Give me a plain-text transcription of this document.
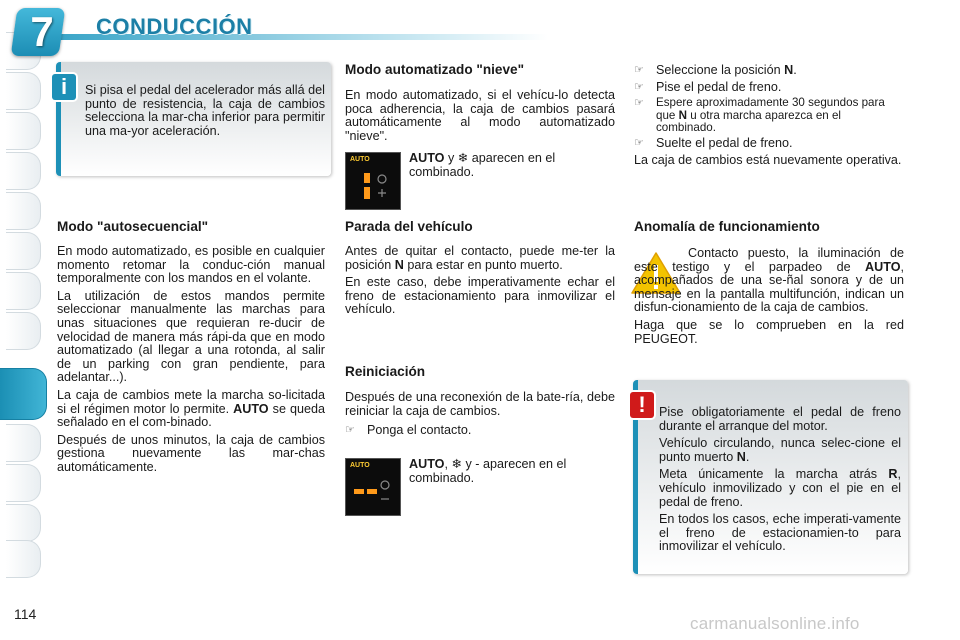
7	CONDUCCIÓN
Si pisa el pedal del acelerador más allá del punto de resistencia, la caja de cambios selecciona la mar-cha inferior para permitir una ma-yor aceleración.
i
Modo "autosecuencial"

En modo automatizado, es posible en cualquier momento retomar la conduc-ción manual temporalmente con los mandos en el volante.

La utilización de estos mandos permite seleccionar manualmente las marchas para unas situaciones que requieran re-ducir de velocidad de manera más rápi-da que en modo automatizado (al llegar a una rotonda, al salir de un parking con gran pendiente, para adelantar...).

La caja de cambios mete la marcha so-licitada si el régimen motor lo permite. AUTO se queda señalado en el com-binado.

Después de unos minutos, la caja de cambios gestiona nuevamente las mar-chas automáticamente.

Modo automatizado "nieve"
En modo automatizado, si el vehícu-lo detecta poca adherencia, la caja de cambios pasará automáticamente al modo automatizado "nieve".
AUTO	AUTO y ❄ aparecen en el combinado.
Parada del vehículo

Antes de quitar el contacto, puede me-ter la posición N para estar en punto muerto.

En este caso, debe imperativamente echar el freno de estacionamiento para inmovilizar el vehículo.

Reiniciación
Después de una reconexión de la bate-ría, debe reiniciar la caja de cambios.
☞ Ponga el contacto.
AUTO	AUTO, ❄ y - aparecen en el combinado.
☞ Seleccione la posición N.
☞ Pise el pedal de freno.
☞	Espere aproximadamente 30 segundos para que N u otra marcha aparezca en el combinado.
☞ Suelte el pedal de freno.
La caja de cambios está nuevamente operativa.
Anomalía de funcionamiento

Contacto puesto, la iluminación de este testigo y el parpadeo de AUTO, acompañados de una se-ñal sonora y de un mensaje en la pantalla multifunción, indican un disfun-cionamiento de la caja de cambios.

Haga que se lo comprueben en la red PEUGEOT.

Pise obligatoriamente el pedal de freno durante el arranque del motor.

Vehículo circulando, nunca selec-cione el punto muerto N.

Meta únicamente la marcha atrás R, vehículo inmovilizado y con el pie en el pedal de freno.

En todos los casos, eche imperati-vamente el freno de estacionamien-to para inmovilizar el vehículo.

!
114	carmanualsonline.info
